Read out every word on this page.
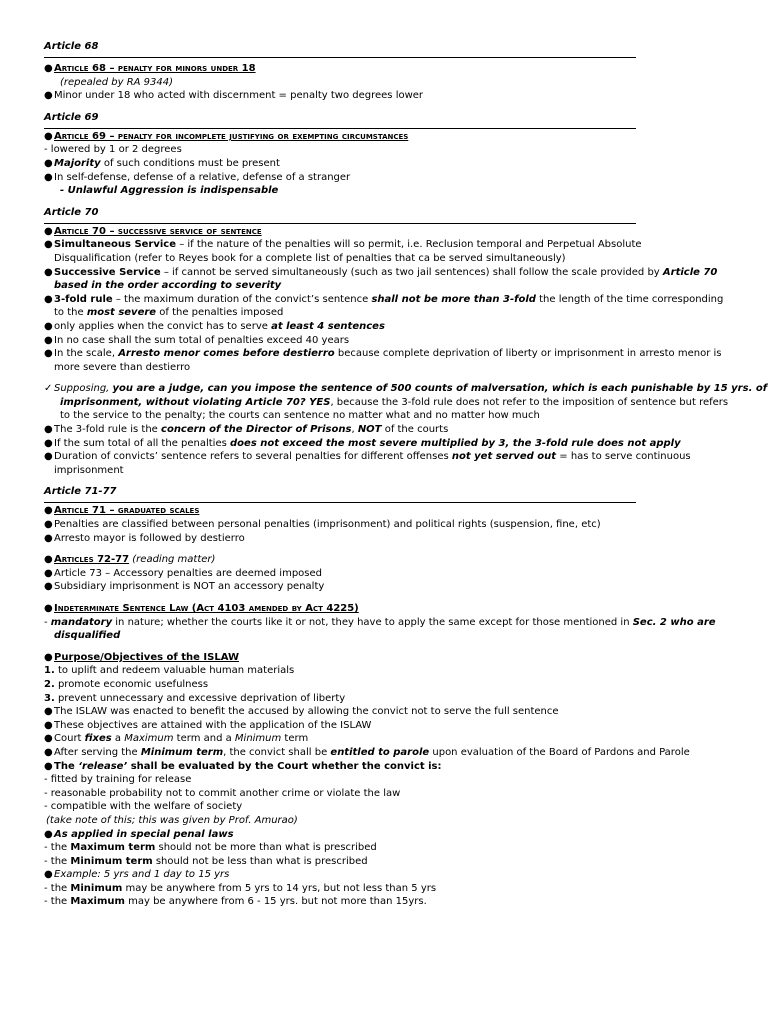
Article 68
●Article 68 – penalty for minors under 18
(repealed by RA 9344)
●Minor under 18 who acted with discernment = penalty two degrees lower
Article 69
●Article 69 – penalty for incomplete justifying or exempting circumstances
- lowered by 1 or 2 degrees
●Majority of such conditions must be present
●In self-defense, defense of a relative, defense of a stranger
- Unlawful Aggression is indispensable
Article 70
●Article 70 – successive service of sentence
●Simultaneous Service – if the nature of the penalties will so permit, i.e. Reclusion temporal and Perpetual Absolute
Disqualification (refer to Reyes book for a complete list of penalties that ca be served simultaneously)
●Successive Service – if cannot be served simultaneously (such as two jail sentences) shall follow the scale provided by Article 70
based in the order according to severity
●3-fold rule – the maximum duration of the convict’s sentence shall not be more than 3-fold the length of the time corresponding
to the most severe of the penalties imposed
●only applies when the convict has to serve at least 4 sentences
●In no case shall the sum total of penalties exceed 40 years
●In the scale, Arresto menor comes before destierro because complete deprivation of liberty or imprisonment in arresto menor is
more severe than destierro
✓ Supposing, you are a judge, can you impose the sentence of 500 counts of malversation, which is each punishable by 15 yrs. of
imprisonment, without violating Article 70? YES, because the 3-fold rule does not refer to the imposition of sentence but refers
to the service to the penalty; the courts can sentence no matter what and no matter how much
●The 3-fold rule is the concern of the Director of Prisons, NOT of the courts
●If the sum total of all the penalties does not exceed the most severe multiplied by 3, the 3-fold rule does not apply
●Duration of convicts’ sentence refers to several penalties for different offenses not yet served out = has to serve continuous
imprisonment
Article 71-77
●Article 71 – graduated scales
●Penalties are classified between personal penalties (imprisonment) and political rights (suspension, fine, etc)
●Arresto mayor is followed by destierro
●Articles 72-77 (reading matter)
●Article 73 – Accessory penalties are deemed imposed
●Subsidiary imprisonment is NOT an accessory penalty
●Indeterminate Sentence Law (Act 4103 amended by Act 4225)
- mandatory in nature; whether the courts like it or not, they have to apply the same except for those mentioned in Sec. 2 who are
disqualified
●Purpose/Objectives of the ISLAW
1. to uplift and redeem valuable human materials
2. promote economic usefulness
3. prevent unnecessary and excessive deprivation of liberty
●The ISLAW was enacted to benefit the accused by allowing the convict not to serve the full sentence
●These objectives are attained with the application of the ISLAW
●Court fixes a Maximum term and a Minimum term
●After serving the Minimum term, the convict shall be entitled to parole upon evaluation of the Board of Pardons and Parole
●The ‘release’ shall be evaluated by the Court whether the convict is:
- fitted by training for release
- reasonable probability not to commit another crime or violate the law
- compatible with the welfare of society
(take note of this; this was given by Prof. Amurao)
●As applied in special penal laws
- the Maximum term should not be more than what is prescribed
- the Minimum term should not be less than what is prescribed
●Example: 5 yrs and 1 day to 15 yrs
- the Minimum may be anywhere from 5 yrs to 14 yrs, but not less than 5 yrs
- the Maximum may be anywhere from 6 - 15 yrs. but not more than 15yrs.
